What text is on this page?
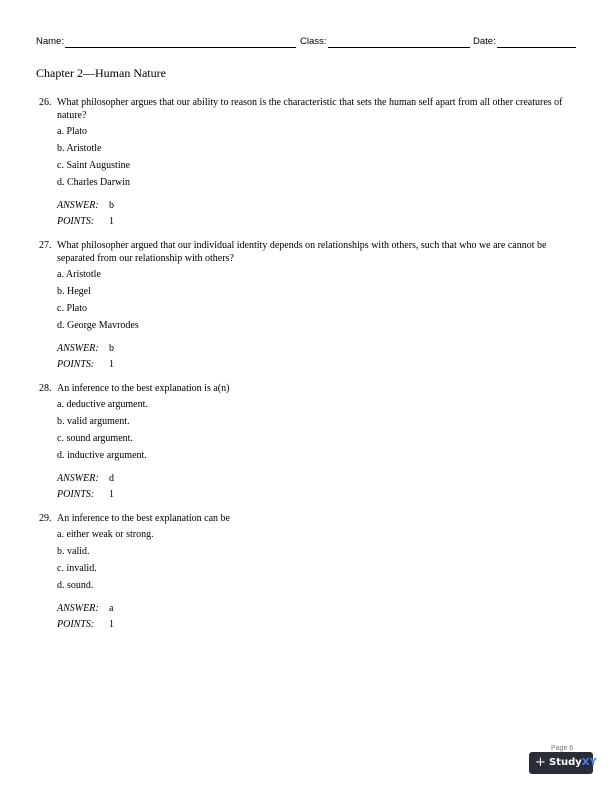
Name:	Class:	Date:
Chapter 2—Human Nature
26. What philosopher argues that our ability to reason is the characteristic that sets the human self apart from all other creatures of nature?
a. Plato
b. Aristotle
c. Saint Augustine
d. Charles Darwin
ANSWER: b
POINTS: 1
27. What philosopher argued that our individual identity depends on relationships with others, such that who we are cannot be separated from our relationship with others?
a. Aristotle
b. Hegel
c. Plato
d. George Mavrodes
ANSWER: b
POINTS: 1
28. An inference to the best explanation is a(n)
a. deductive argument.
b. valid argument.
c. sound argument.
d. inductive argument.
ANSWER: d
POINTS: 1
29. An inference to the best explanation can be
a. either weak or strong.
b. valid.
c. invalid.
d. sound.
ANSWER: a
POINTS: 1
Page 6
+ StudyXY
